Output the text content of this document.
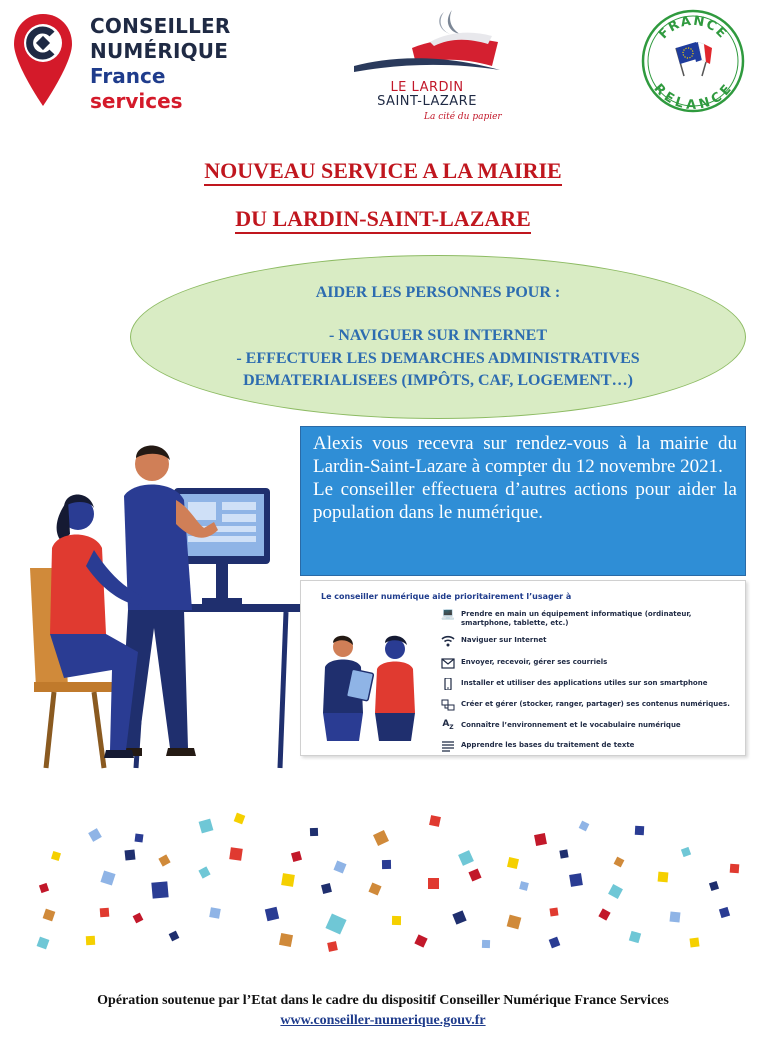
CONSEILLER
NUMÉRIQUE
France
services
LE LARDIN
SAINT-LAZARE
La cité du papier
FRANCE
RELANCE
NOUVEAU SERVICE A LA MAIRIE
DU LARDIN-SAINT-LAZARE
AIDER LES PERSONNES POUR :
- NAVIGUER SUR INTERNET
- EFFECTUER LES DEMARCHES ADMINISTRATIVES
DEMATERIALISEES (IMPÔTS, CAF, LOGEMENT…)

Alexis vous recevra sur rendez-vous à la mairie du Lardin-Saint-Lazare à compter du 12 novembre 2021.

Le conseiller effectuera d’autres actions pour aider la population dans le numérique.

Le conseiller numérique aide prioritairement l’usager à
💻 Prendre en main un équipement informatique (ordinateur, smartphone, tablette, etc.)
Naviguer sur Internet
Envoyer, recevoir, gérer ses courriels
Installer et utiliser des applications utiles sur son smartphone
Créer et gérer (stocker, ranger, partager) ses contenus numériques.
$A_Z$ Connaître l’environnement et le vocabulaire numérique
Apprendre les bases du traitement de texte
Opération soutenue par l’Etat dans le cadre du dispositif Conseiller Numérique France Services
www.conseiller-numerique.gouv.fr
